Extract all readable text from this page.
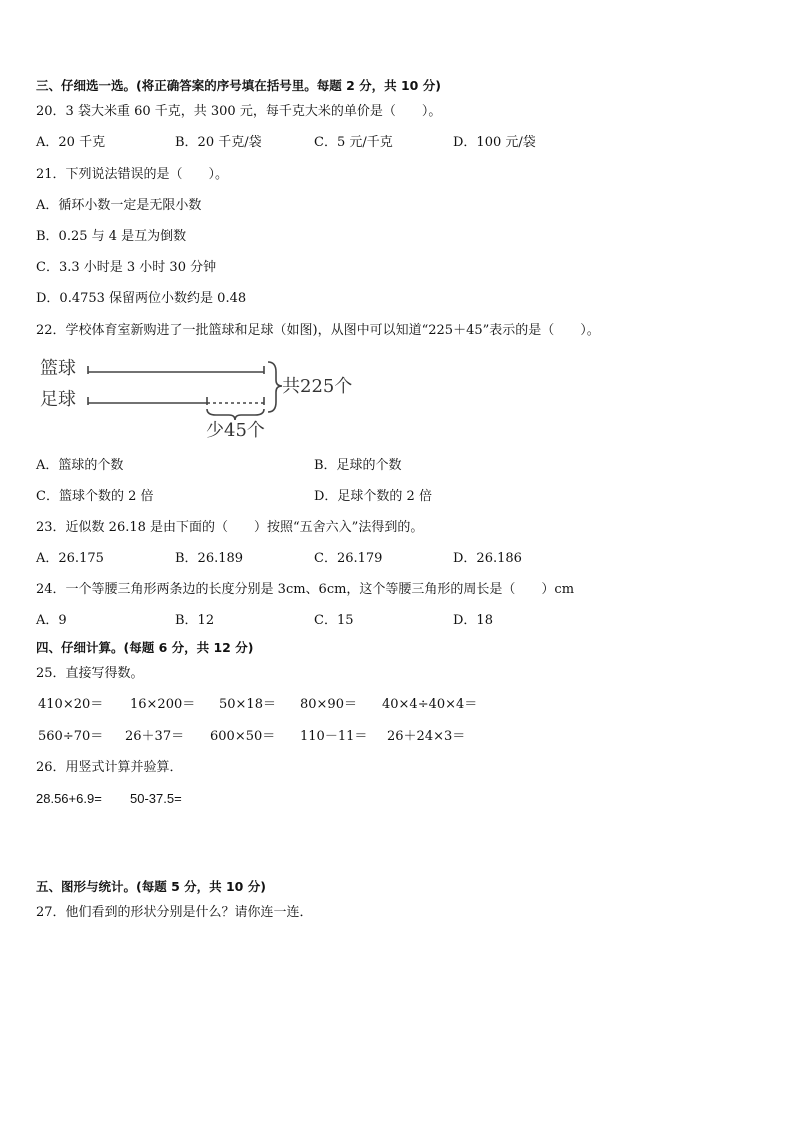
三、仔细选一选。(将正确答案的序号填在括号里。每题 2 分，共 10 分)
20．3 袋大米重 60 千克，共 300 元，每千克大米的单价是（　　）。
A．20 千克	B．20 千克/袋	C．5 元/千克	D．100 元/袋
21．下列说法错误的是（　　）。
A．循环小数一定是无限小数
B．0.25 与 4 是互为倒数
C．3.3 小时是 3 小时 30 分钟
D．0.4753 保留两位小数约是 0.48
22．学校体育室新购进了一批篮球和足球（如图)，从图中可以知道“225＋45”表示的是（　　）。
篮球
足球
共225个
少45个
A．篮球的个数	B．足球的个数
C．篮球个数的 2 倍	D．足球个数的 2 倍
23．近似数 26.18 是由下面的（　　）按照“五舍六入”法得到的。
A．26.175	B．26.189	C．26.179	D．26.186
24．一个等腰三角形两条边的长度分别是 3cm、6cm，这个等腰三角形的周长是（　　）cm
A．9	B．12	C．15	D．18
四、仔细计算。(每题 6 分，共 12 分)
25．直接写得数。
410×20＝ 16×200＝ 50×18＝ 80×90＝ 40×4÷40×4＝
560÷70＝ 26＋37＝ 600×50＝ 110－11＝ 26＋24×3＝
26．用竖式计算并验算．
28.56+6.9= 50-37.5=
五、图形与统计。(每题 5 分，共 10 分)
27．他们看到的形状分别是什么？请你连一连．
